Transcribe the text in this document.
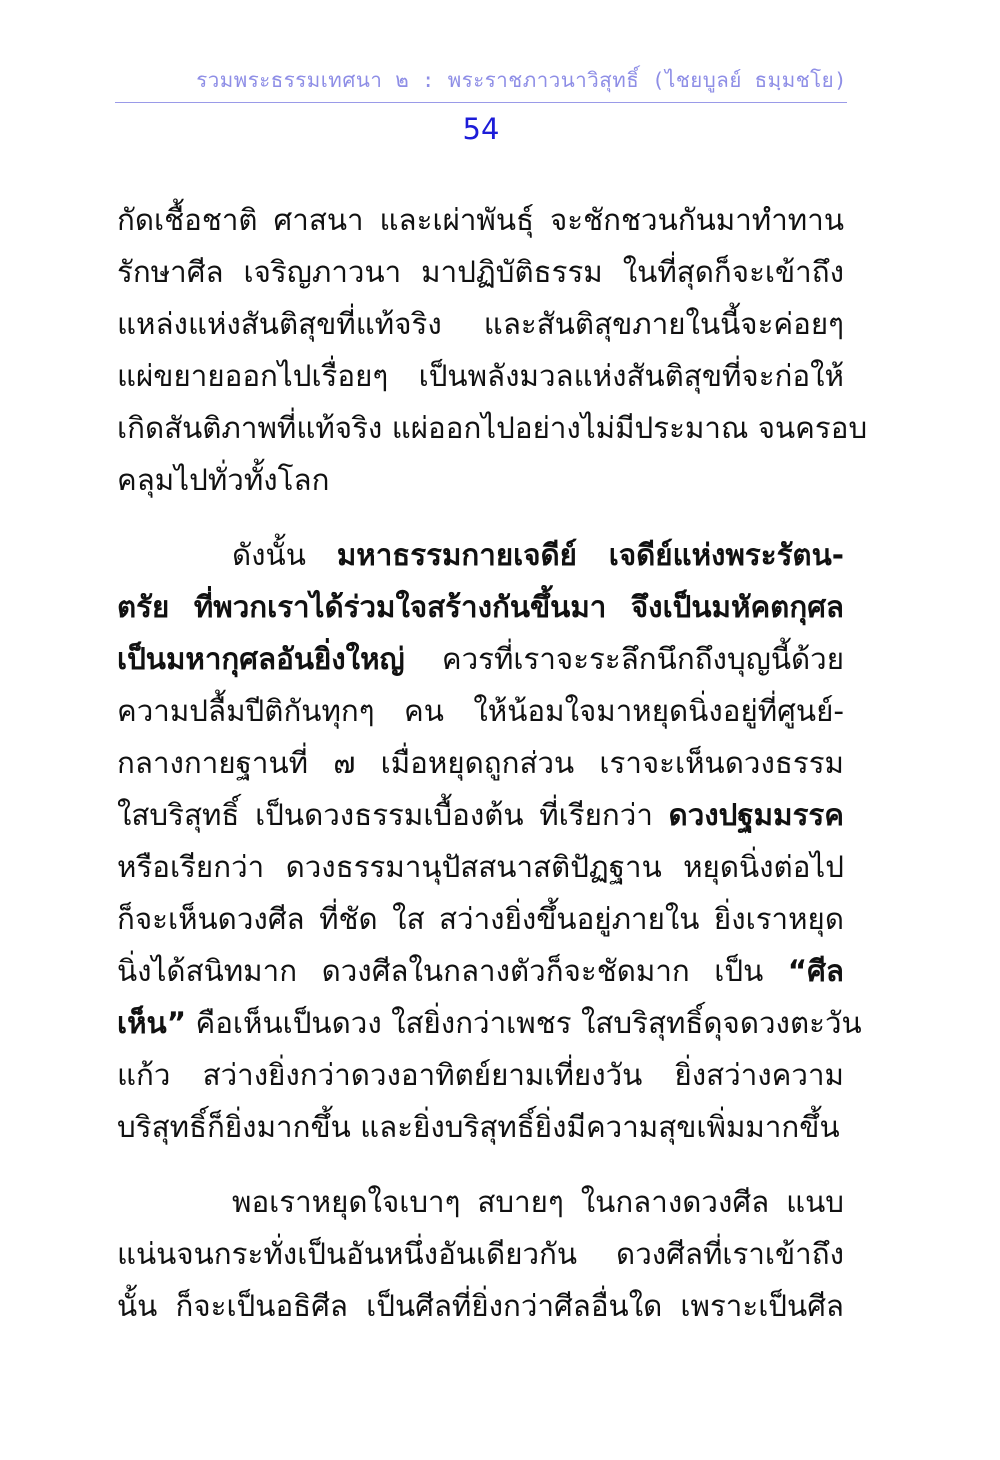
รวมพระธรรมเทศนา ๒ : พระราชภาวนาวิสุทธิ์ (ไชยบูลย์ ธมฺมชโย)
54
กัดเชื้อชาติ ศาสนา และเผ่าพันธุ์ จะชักชวนกันมาทำทาน
รักษาศีล เจริญภาวนา มาปฏิบัติธรรม ในที่สุดก็จะเข้าถึง
แหล่งแห่งสันติสุขที่แท้จริง และสันติสุขภายในนี้จะค่อยๆ
แผ่ขยายออกไปเรื่อยๆ เป็นพลังมวลแห่งสันติสุขที่จะก่อให้
เกิดสันติภาพที่แท้จริง แผ่ออกไปอย่างไม่มีประมาณ จนครอบ
คลุมไปทั่วทั้งโลก
ดังนั้น มหาธรรมกายเจดีย์ เจดีย์แห่งพระรัตน-
ตรัย ที่พวกเราได้ร่วมใจสร้างกันขึ้นมา จึงเป็นมหัคตกุศล
เป็นมหากุศลอันยิ่งใหญ่ ควรที่เราจะระลึกนึกถึงบุญนี้ด้วย
ความปลื้มปีติกันทุกๆ คน ให้น้อมใจมาหยุดนิ่งอยู่ที่ศูนย์-
กลางกายฐานที่ ๗ เมื่อหยุดถูกส่วน เราจะเห็นดวงธรรม
ใสบริสุทธิ์ เป็นดวงธรรมเบื้องต้น ที่เรียกว่า ดวงปฐมมรรค
หรือเรียกว่า ดวงธรรมานุปัสสนาสติปัฏฐาน หยุดนิ่งต่อไป
ก็จะเห็นดวงศีล ที่ชัด ใส สว่างยิ่งขึ้นอยู่ภายใน ยิ่งเราหยุด
นิ่งได้สนิทมาก ดวงศีลในกลางตัวก็จะชัดมาก เป็น “ศีล
เห็น” คือเห็นเป็นดวง ใสยิ่งกว่าเพชร ใสบริสุทธิ์ดุจดวงตะวัน
แก้ว สว่างยิ่งกว่าดวงอาทิตย์ยามเที่ยงวัน ยิ่งสว่างความ
บริสุทธิ์ก็ยิ่งมากขึ้น และยิ่งบริสุทธิ์ยิ่งมีความสุขเพิ่มมากขึ้น
พอเราหยุดใจเบาๆ สบายๆ ในกลางดวงศีล แนบ
แน่นจนกระทั่งเป็นอันหนึ่งอันเดียวกัน ดวงศีลที่เราเข้าถึง
นั้น ก็จะเป็นอธิศีล เป็นศีลที่ยิ่งกว่าศีลอื่นใด เพราะเป็นศีล
